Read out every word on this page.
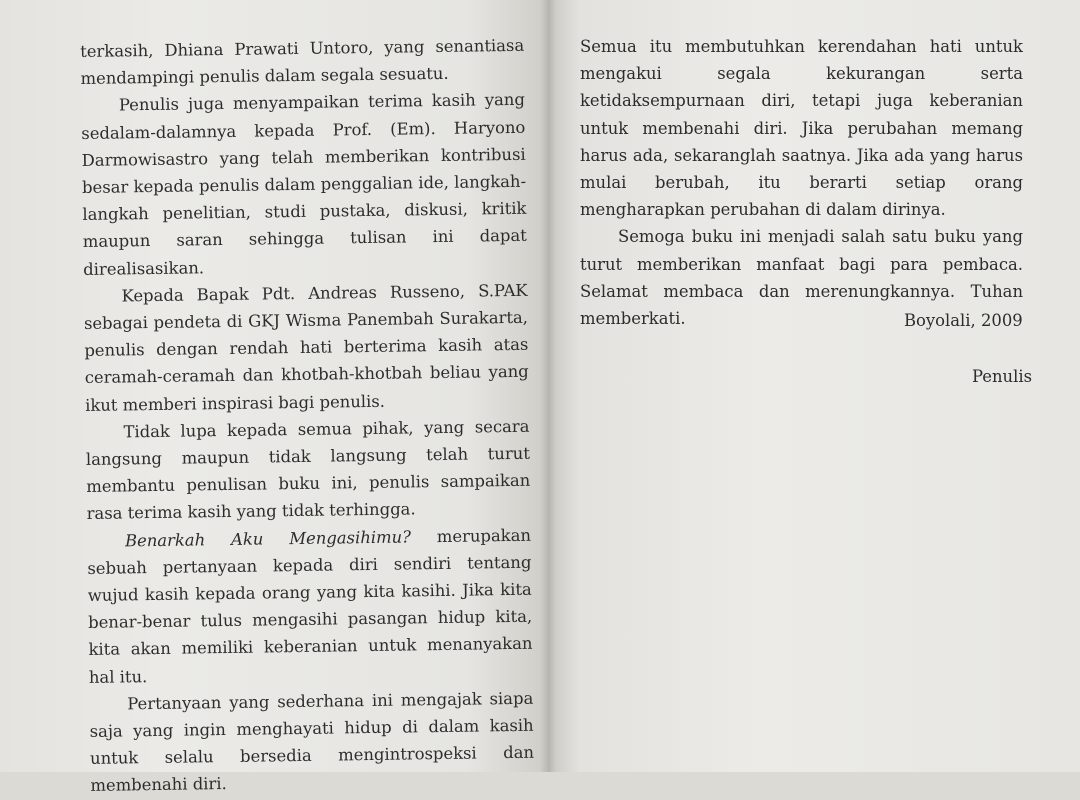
terkasih, Dhiana Prawati Untoro, yang senantiasa mendampingi penulis dalam segala sesuatu.

Penulis juga menyampaikan terima kasih yang sedalam-dalamnya kepada Prof. (Em). Haryono Darmowisastro yang telah memberikan kontribusi besar kepada penulis dalam penggalian ide, langkah-langkah penelitian, studi pustaka, diskusi, kritik maupun saran sehingga tulisan ini dapat direalisasikan.

Kepada Bapak Pdt. Andreas Russeno, S.PAK sebagai pendeta di GKJ Wisma Panembah Surakarta, penulis dengan rendah hati berterima kasih atas ceramah-ceramah dan khotbah-khotbah beliau yang ikut memberi inspirasi bagi penulis.

Tidak lupa kepada semua pihak, yang secara langsung maupun tidak langsung telah turut membantu penulisan buku ini, penulis sampaikan rasa terima kasih yang tidak terhingga.

Benarkah Aku Mengasihimu? merupakan sebuah pertanyaan kepada diri sendiri tentang wujud kasih kepada orang yang kita kasihi. Jika kita benar-benar tulus mengasihi pasangan hidup kita, kita akan memiliki keberanian untuk menanyakan hal itu.

Pertanyaan yang sederhana ini mengajak siapa saja yang ingin menghayati hidup di dalam kasih untuk selalu bersedia mengintrospeksi dan membenahi diri.

Semua itu membutuhkan kerendahan hati untuk mengakui segala kekurangan serta ketidaksempurnaan diri, tetapi juga keberanian untuk membenahi diri. Jika perubahan memang harus ada, sekaranglah saatnya. Jika ada yang harus mulai berubah, itu berarti setiap orang mengharapkan perubahan di dalam dirinya.

Semoga buku ini menjadi salah satu buku yang turut memberikan manfaat bagi para pembaca. Selamat membaca dan merenungkannya. Tuhan memberkati.	Boyolali, 2009
Penulis
